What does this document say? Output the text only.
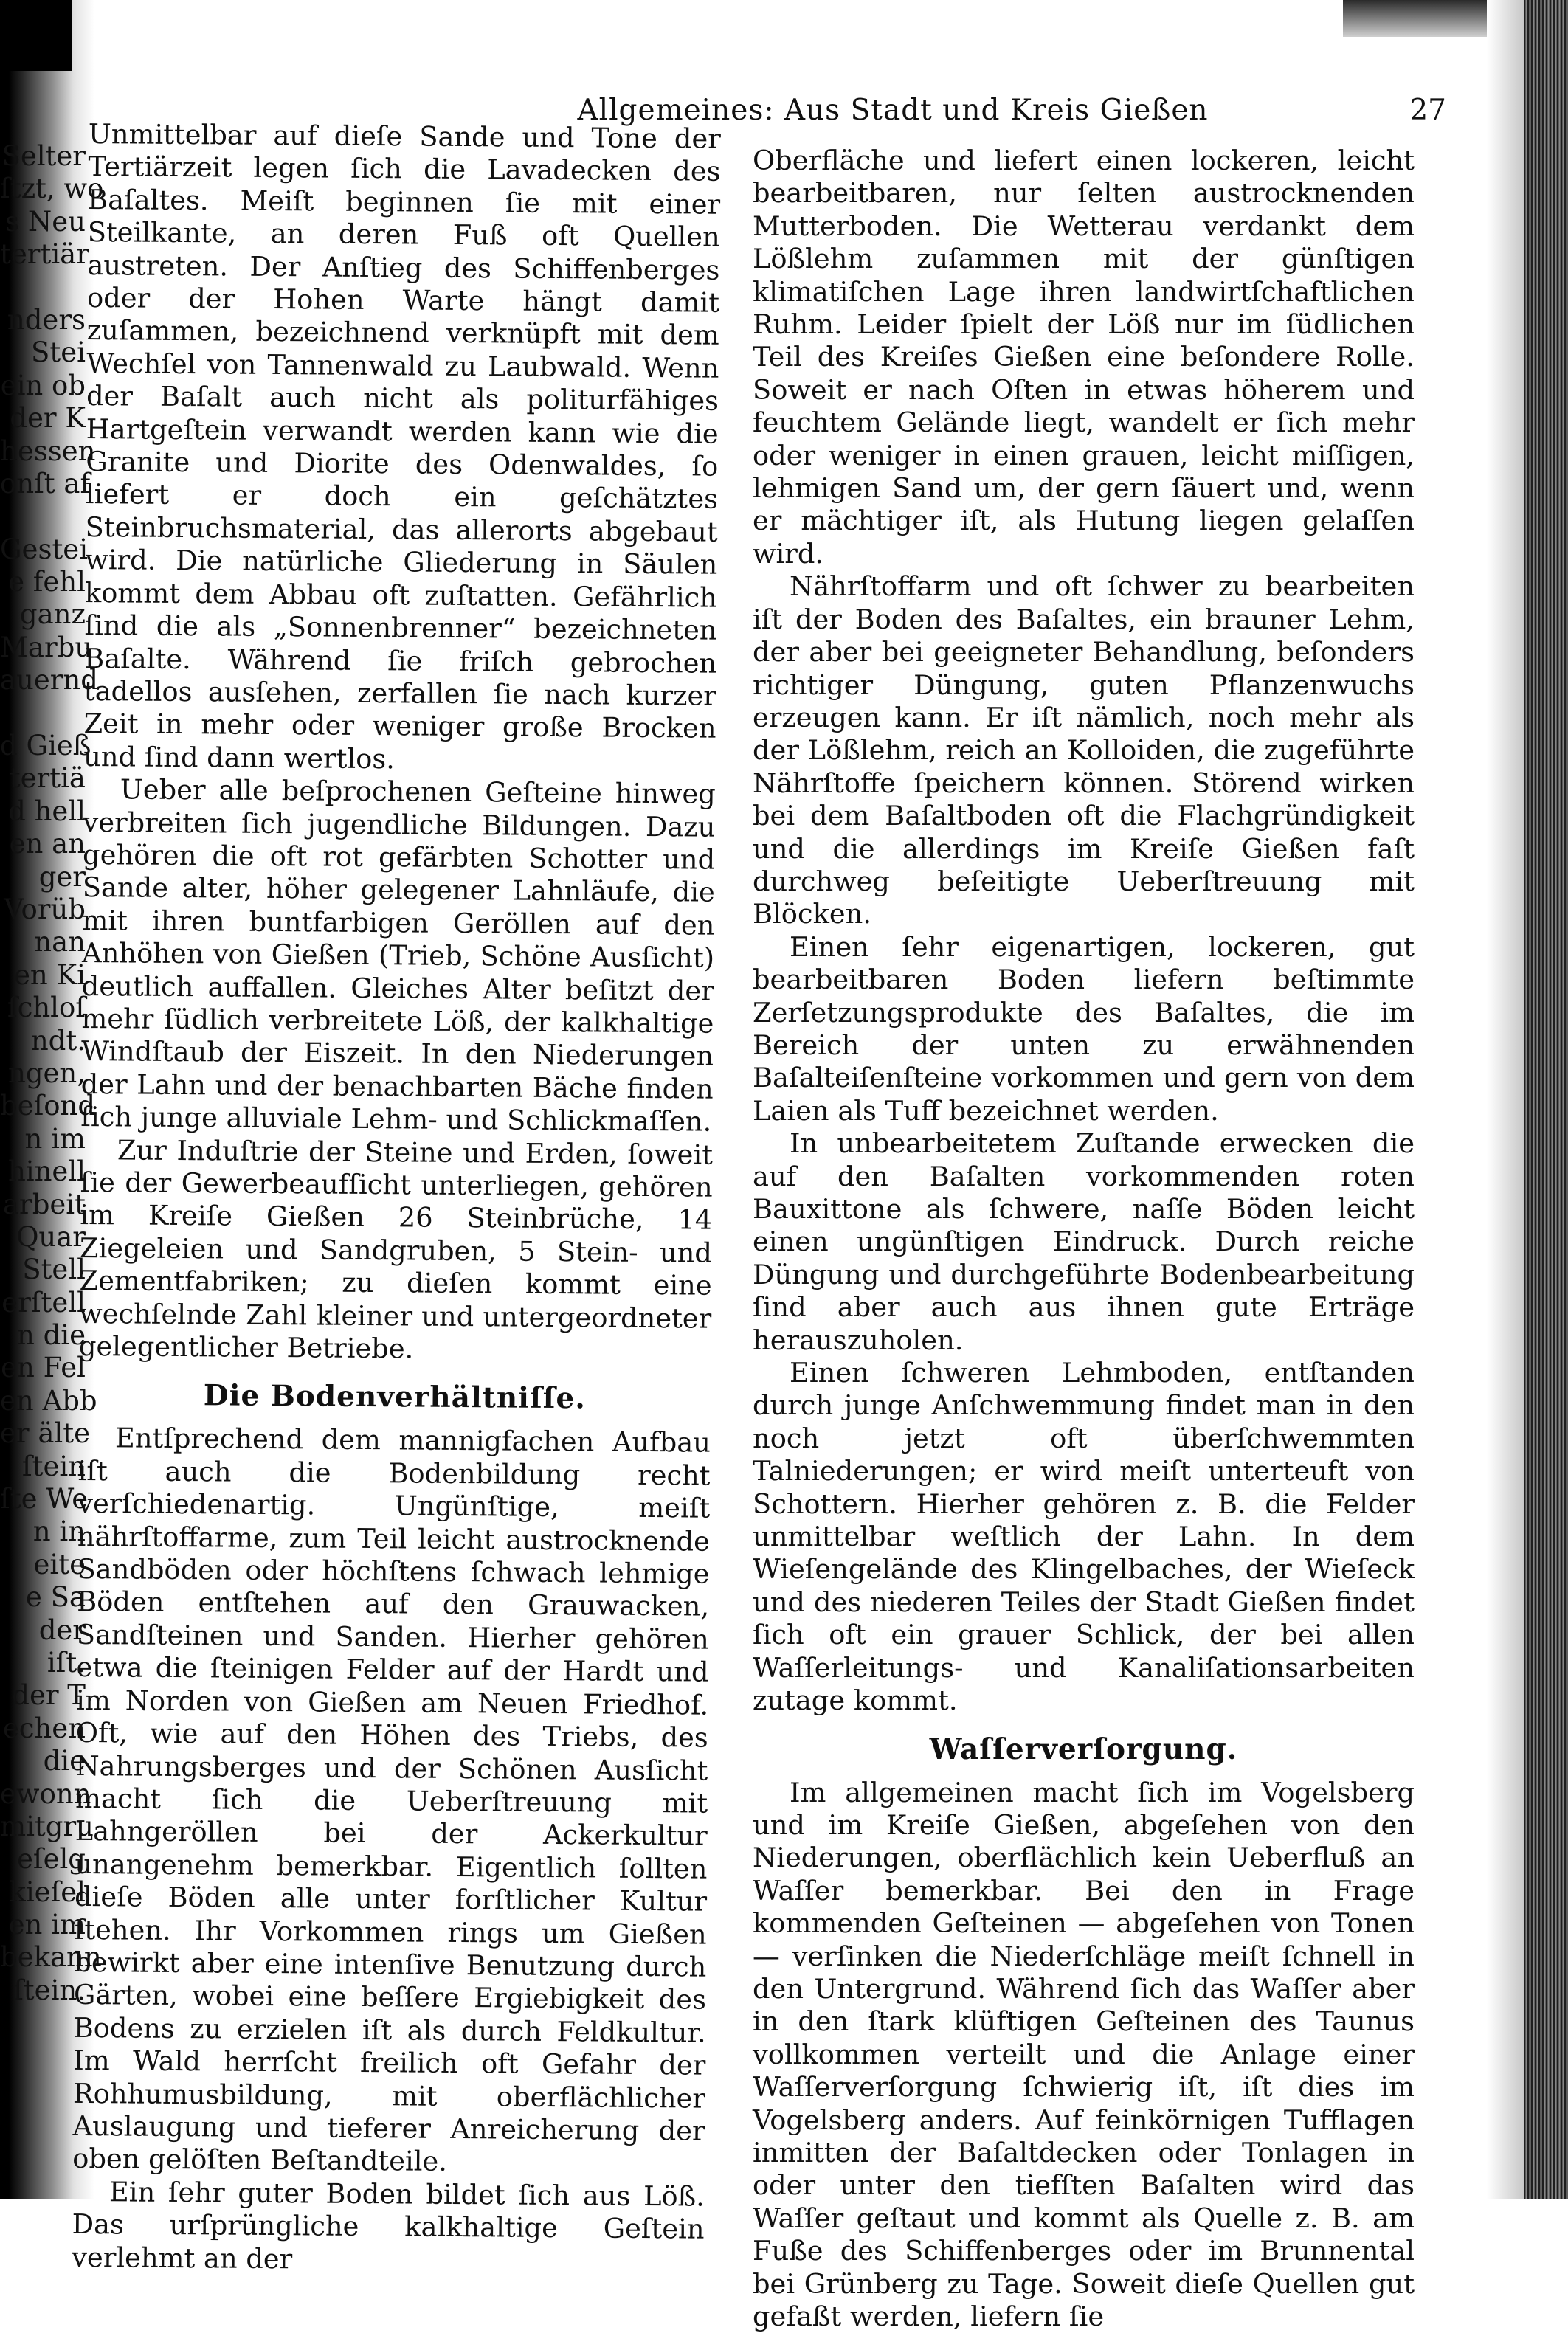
Selter
ſtzt, wo
s Neu
tertiär
nders
Stei
ein ob
der K
hessen
onſt af
Gestei
e fehl
ganz
Marbu
auernd
d Gieß
tertiä
d hell
en an
ger
Vorüb
nan
en Ki
ſchloſ
ndt.
ngen,
beſond
n im
hinell
arbeit
Quar
Stell
erſtell
n die
en Fel
en Abb
er älte
ſtein
ſte We
n in
eite
e Sa
der
iſt.
der T
echen
die
ewonn
mitgru
eſelg
kieſel
en im
bekann
ſtein.
Allgemeines: Aus Stadt und Kreis Gießen	27

Unmittelbar auf dieſe Sande und Tone der Tertiärzeit legen ſich die Lavadecken des Baſaltes. Meiſt beginnen ſie mit einer Steilkante, an deren Fuß oft Quellen austreten. Der Anſtieg des Schiffenberges oder der Hohen Warte hängt damit zuſammen, bezeichnend verknüpft mit dem Wechſel von Tannenwald zu Laubwald. Wenn der Baſalt auch nicht als politurfähiges Hartgeſtein verwandt werden kann wie die Granite und Diorite des Odenwaldes, ſo liefert er doch ein geſchätztes Steinbruchsmaterial, das allerorts abgebaut wird. Die natürliche Gliederung in Säulen kommt dem Abbau oft zuſtatten. Gefährlich ſind die als „Sonnenbrenner“ bezeichneten Baſalte. Während ſie friſch gebrochen tadellos ausſehen, zerfallen ſie nach kurzer Zeit in mehr oder weniger große Brocken und ſind dann wertlos.

Ueber alle beſprochenen Geſteine hinweg verbreiten ſich jugendliche Bildungen. Dazu gehören die oft rot gefärbten Schotter und Sande alter, höher gelegener Lahnläufe, die mit ihren buntfarbigen Geröllen auf den Anhöhen von Gießen (Trieb, Schöne Ausſicht) deutlich auffallen. Gleiches Alter beſitzt der mehr ſüdlich verbreitete Löß, der kalkhaltige Windſtaub der Eiszeit. In den Niederungen der Lahn und der benachbarten Bäche finden ſich junge alluviale Lehm- und Schlickmaſſen.

Zur Induſtrie der Steine und Erden, ſoweit ſie der Gewerbeaufſicht unterliegen, gehören im Kreiſe Gießen 26 Steinbrüche, 14 Ziegeleien und Sandgruben, 5 Stein- und Zementfabriken; zu dieſen kommt eine wechſelnde Zahl kleiner und untergeordneter gelegentlicher Betriebe.

Die Bodenverhältniſſe.

Entſprechend dem mannigfachen Aufbau iſt auch die Bodenbildung recht verſchiedenartig. Ungünſtige, meiſt nährſtoffarme, zum Teil leicht austrocknende Sandböden oder höchſtens ſchwach lehmige Böden entſtehen auf den Grauwacken, Sandſteinen und Sanden. Hierher gehören etwa die ſteinigen Felder auf der Hardt und im Norden von Gießen am Neuen Friedhof. Oft, wie auf den Höhen des Triebs, des Nahrungsberges und der Schönen Ausſicht macht ſich die Ueberſtreuung mit Lahngeröllen bei der Ackerkultur unangenehm bemerkbar. Eigentlich ſollten dieſe Böden alle unter forſtlicher Kultur ſtehen. Ihr Vorkommen rings um Gießen bewirkt aber eine intenſive Benutzung durch Gärten, wobei eine beſſere Ergiebigkeit des Bodens zu erzielen iſt als durch Feldkultur. Im Wald herrſcht freilich oft Gefahr der Rohhumusbildung, mit oberflächlicher Auslaugung und tieferer Anreicherung der oben gelöſten Beſtandteile.

Ein ſehr guter Boden bildet ſich aus Löß. Das urſprüngliche kalkhaltige Geſtein verlehmt an der

Oberfläche und liefert einen lockeren, leicht bearbeitbaren, nur ſelten austrocknenden Mutterboden. Die Wetterau verdankt dem Lößlehm zuſammen mit der günſtigen klimatiſchen Lage ihren landwirtſchaftlichen Ruhm. Leider ſpielt der Löß nur im ſüdlichen Teil des Kreiſes Gießen eine beſondere Rolle. Soweit er nach Oſten in etwas höherem und feuchtem Gelände liegt, wandelt er ſich mehr oder weniger in einen grauen, leicht miſſigen, lehmigen Sand um, der gern ſäuert und, wenn er mächtiger iſt, als Hutung liegen gelaſſen wird.

Nährſtoffarm und oft ſchwer zu bearbeiten iſt der Boden des Baſaltes, ein brauner Lehm, der aber bei geeigneter Behandlung, beſonders richtiger Düngung, guten Pflanzenwuchs erzeugen kann. Er iſt nämlich, noch mehr als der Lößlehm, reich an Kolloiden, die zugeführte Nährſtoffe ſpeichern können. Störend wirken bei dem Baſaltboden oft die Flachgründigkeit und die allerdings im Kreiſe Gießen faſt durchweg beſeitigte Ueberſtreuung mit Blöcken.

Einen ſehr eigenartigen, lockeren, gut bearbeitbaren Boden liefern beſtimmte Zerſetzungsprodukte des Baſaltes, die im Bereich der unten zu erwähnenden Baſalteiſenſteine vorkommen und gern von dem Laien als Tuff bezeichnet werden.

In unbearbeitetem Zuſtande erwecken die auf den Baſalten vorkommenden roten Bauxittone als ſchwere, naſſe Böden leicht einen ungünſtigen Eindruck. Durch reiche Düngung und durchgeführte Bodenbearbeitung ſind aber auch aus ihnen gute Erträge herauszuholen.

Einen ſchweren Lehmboden, entſtanden durch junge Anſchwemmung findet man in den noch jetzt oft überſchwemmten Talniederungen; er wird meiſt unterteuft von Schottern. Hierher gehören z. B. die Felder unmittelbar weſtlich der Lahn. In dem Wieſengelände des Klingelbaches, der Wieſeck und des niederen Teiles der Stadt Gießen findet ſich oft ein grauer Schlick, der bei allen Waſſerleitungs- und Kanaliſationsarbeiten zutage kommt.

Waſſerverſorgung.

Im allgemeinen macht ſich im Vogelsberg und im Kreiſe Gießen, abgeſehen von den Niederungen, oberflächlich kein Ueberfluß an Waſſer bemerkbar. Bei den in Frage kommenden Geſteinen — abgeſehen von Tonen — verſinken die Niederſchläge meiſt ſchnell in den Untergrund. Während ſich das Waſſer aber in den ſtark klüftigen Geſteinen des Taunus vollkommen verteilt und die Anlage einer Waſſerverſorgung ſchwierig iſt, iſt dies im Vogelsberg anders. Auf feinkörnigen Tufflagen inmitten der Baſaltdecken oder Tonlagen in oder unter den tiefſten Baſalten wird das Waſſer geſtaut und kommt als Quelle z. B. am Fuße des Schiffenberges oder im Brunnental bei Grünberg zu Tage. Soweit dieſe Quellen gut gefaßt werden, liefern ſie
